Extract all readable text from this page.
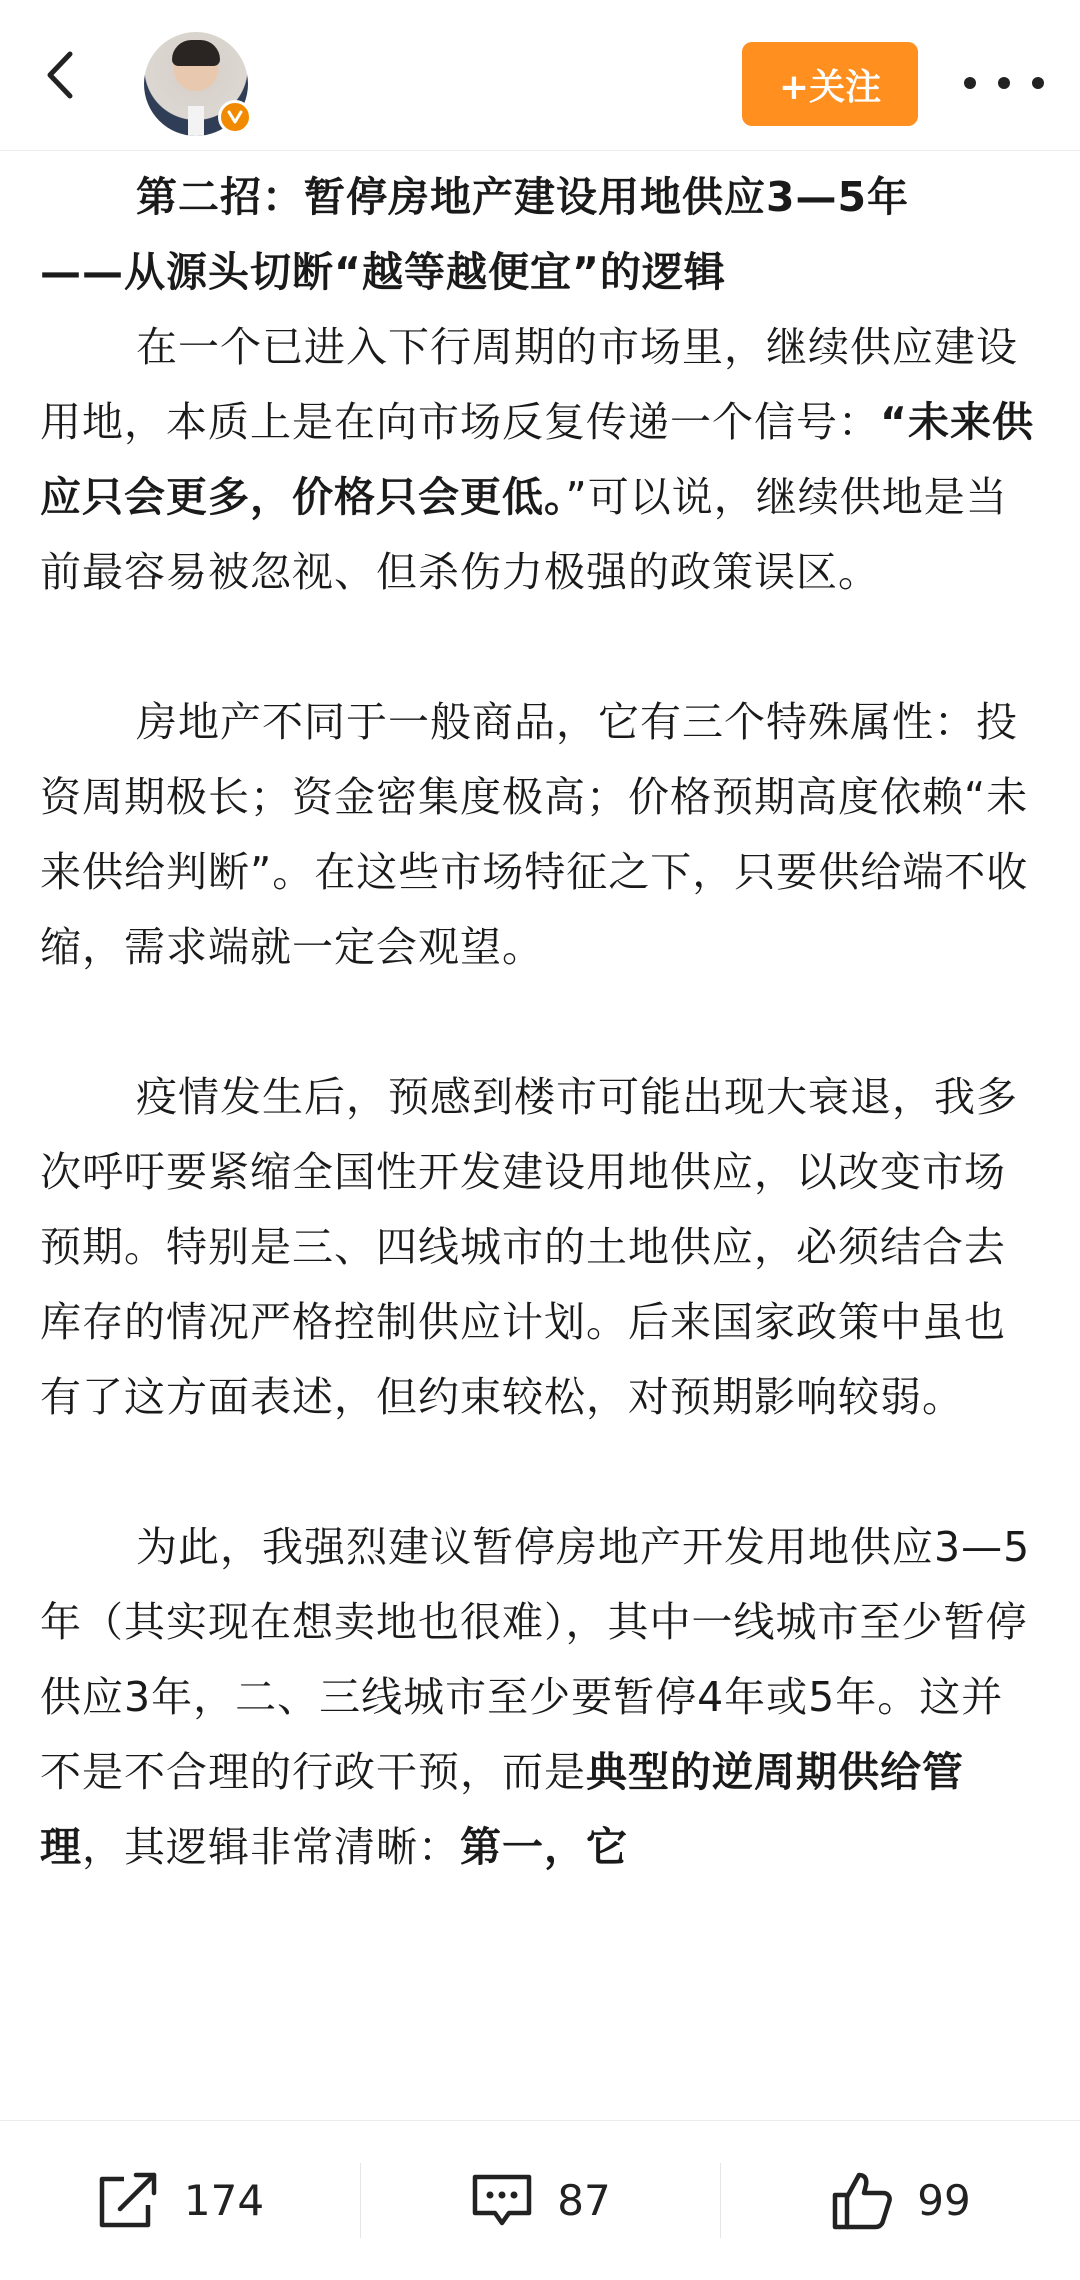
+关注

第二招：暂停房地产建设用地供应3—5年

——从源头切断“越等越便宜”的逻辑

在一个已进入下行周期的市场里，继续供应建设用地，本质上是在向市场反复传递一个信号：“未来供应只会更多，价格只会更低。”可以说，继续供地是当前最容易被忽视、但杀伤力极强的政策误区。

房地产不同于一般商品，它有三个特殊属性：投资周期极长；资金密集度极高；价格预期高度依赖“未来供给判断”。在这些市场特征之下，只要供给端不收缩，需求端就一定会观望。

疫情发生后，预感到楼市可能出现大衰退，我多次呼吁要紧缩全国性开发建设用地供应，以改变市场预期。特别是三、四线城市的土地供应，必须结合去库存的情况严格控制供应计划。后来国家政策中虽也有了这方面表述，但约束较松，对预期影响较弱。

为此，我强烈建议暂停房地产开发用地供应3—5年（其实现在想卖地也很难），其中一线城市至少暂停供应3年，二、三线城市至少要暂停4年或5年。这并不是不合理的行政干预，而是典型的逆周期供给管理，其逻辑非常清晰：第一，它

174	87	99
